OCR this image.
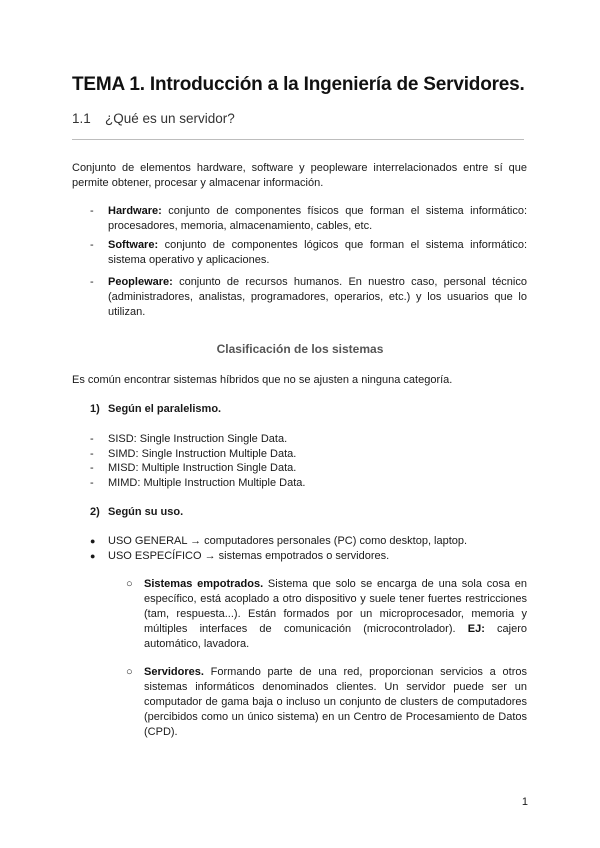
TEMA 1. Introducción a la Ingeniería de Servidores.
1.1 ¿Qué es un servidor?

Conjunto de elementos hardware, software y peopleware interrelacionados entre sí que permite obtener, procesar y almacenar información.

- Hardware: conjunto de componentes físicos que forman el sistema informático: procesadores, memoria, almacenamiento, cables, etc.
- Software: conjunto de componentes lógicos que forman el sistema informático: sistema operativo y aplicaciones.
- Peopleware: conjunto de recursos humanos. En nuestro caso, personal técnico (administradores, analistas, programadores, operarios, etc.) y los usuarios que lo utilizan.
Clasificación de los sistemas
Es común encontrar sistemas híbridos que no se ajusten a ninguna categoría.
1) Según el paralelismo.
- SISD: Single Instruction Single Data.
- SIMD: Single Instruction Multiple Data.
- MISD: Multiple Instruction Single Data.
- MIMD: Multiple Instruction Multiple Data.
2) Según su uso.
● USO GENERAL → computadores personales (PC) como desktop, laptop.
● USO ESPECÍFICO → sistemas empotrados o servidores.
○ Sistemas empotrados. Sistema que solo se encarga de una sola cosa en específico, está acoplado a otro dispositivo y suele tener fuertes restricciones (tam, respuesta...). Están formados por un microprocesador, memoria y múltiples interfaces de comunicación (microcontrolador). EJ: cajero automático, lavadora.
○ Servidores. Formando parte de una red, proporcionan servicios a otros sistemas informáticos denominados clientes. Un servidor puede ser un computador de gama baja o incluso un conjunto de clusters de computadores (percibidos como un único sistema) en un Centro de Procesamiento de Datos (CPD).
1
